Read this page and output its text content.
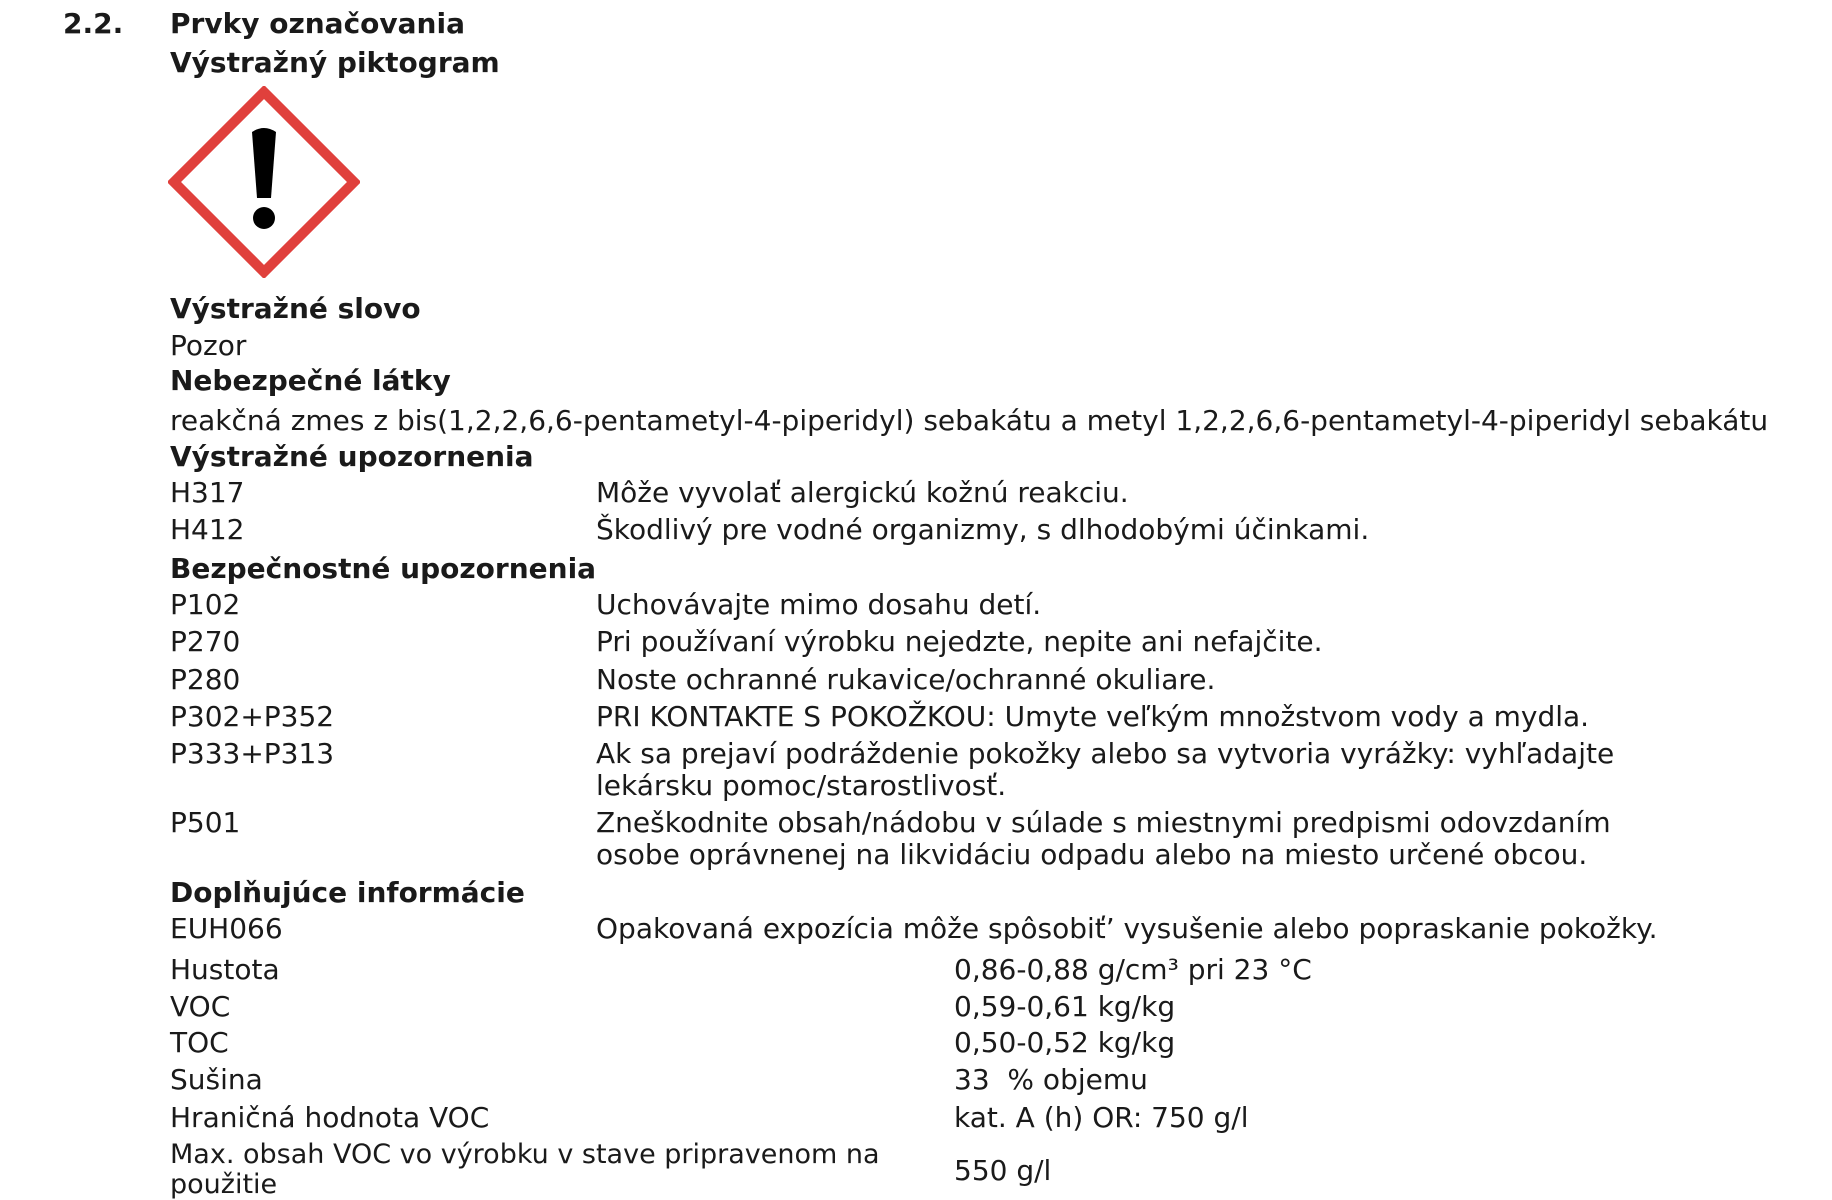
2.2. Prvky označovania
Výstražný piktogram
Výstražné slovo
Pozor
Nebezpečné látky
reakčná zmes z bis(1,2,2,6,6-pentametyl-4-piperidyl) sebakátu a metyl 1,2,2,6,6-pentametyl-4-piperidyl sebakátu
Výstražné upozornenia
H317	Môže vyvolať alergickú kožnú reakciu.
H412	Škodlivý pre vodné organizmy, s dlhodobými účinkami.
Bezpečnostné upozornenia
P102	Uchovávajte mimo dosahu detí.
P270	Pri používaní výrobku nejedzte, nepite ani nefajčite.
P280	Noste ochranné rukavice/ochranné okuliare.
P302+P352	PRI KONTAKTE S POKOŽKOU: Umyte veľkým množstvom vody a mydla.
P333+P313	Ak sa prejaví podráždenie pokožky alebo sa vytvoria vyrážky: vyhľadajte lekársku pomoc/starostlivosť.
P501	Zneškodnite obsah/nádobu v súlade s miestnymi predpismi odovzdaním osobe oprávnenej na likvidáciu odpadu alebo na miesto určené obcou.
Doplňujúce informácie
EUH066	Opakovaná expozícia môže spôsobiť’ vysušenie alebo popraskanie pokožky.
Hustota	0,86-0,88 g/cm³ pri 23 °C
VOC	0,59-0,61 kg/kg
TOC	0,50-0,52 kg/kg
Sušina	33  % objemu
Hraničná hodnota VOC	kat. A (h) OR: 750 g/l
Max. obsah VOC vo výrobku v stave pripravenom na použitie	550 g/l
